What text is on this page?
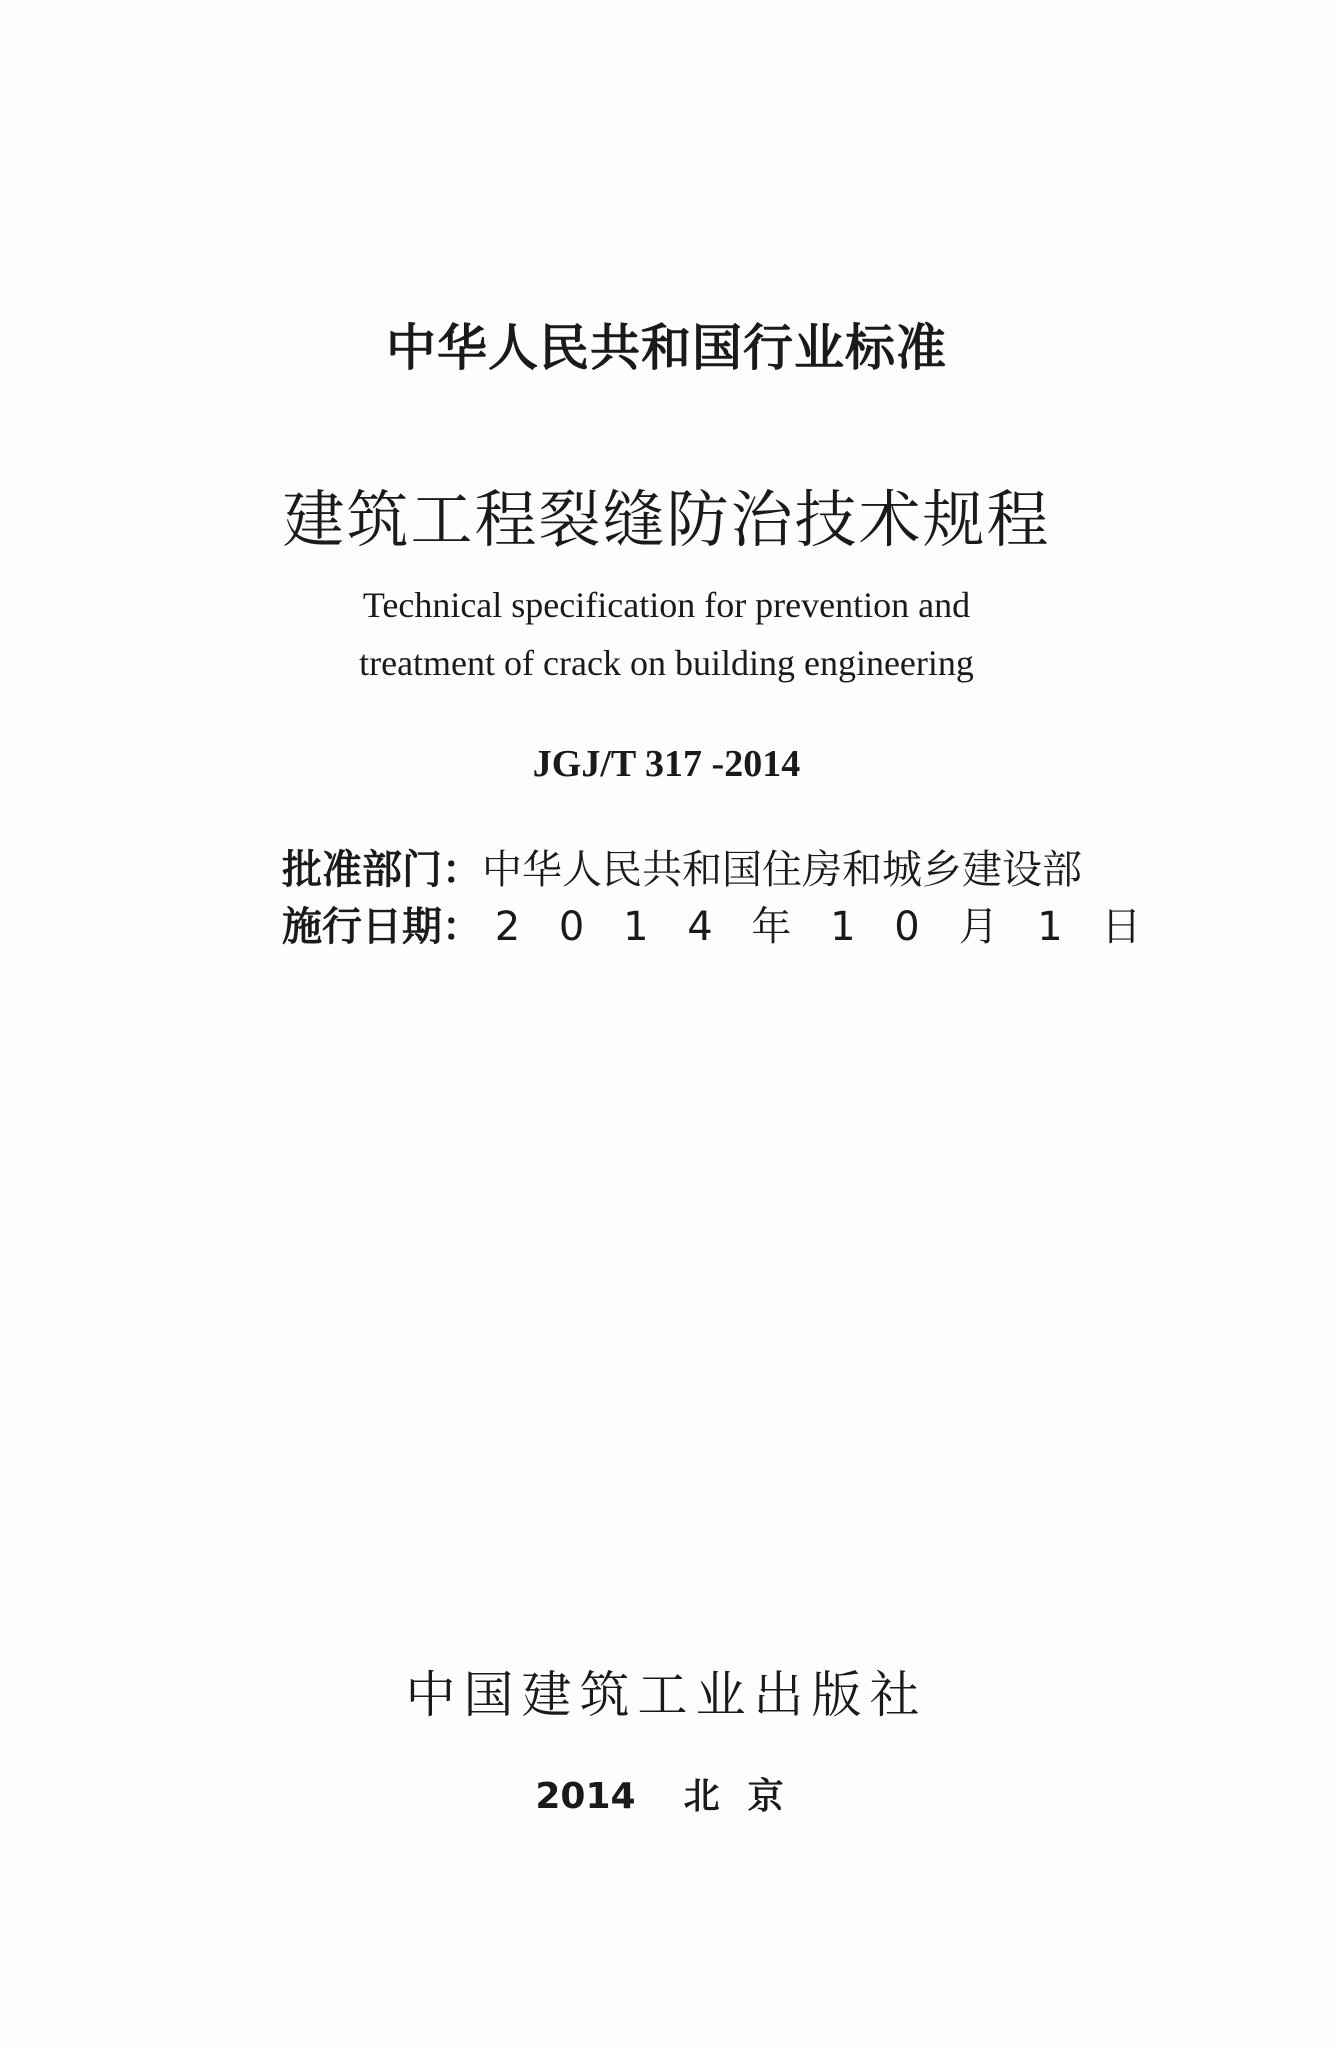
中华人民共和国行业标准
建筑工程裂缝防治技术规程
Technical specification for prevention and
treatment of crack on building engineering
JGJ/T 317 -2014
批准部门：中华人民共和国住房和城乡建设部
施行日期： 2 0 1 4 年 1 0 月 1 日
中国建筑工业出版社
2014 北 京
